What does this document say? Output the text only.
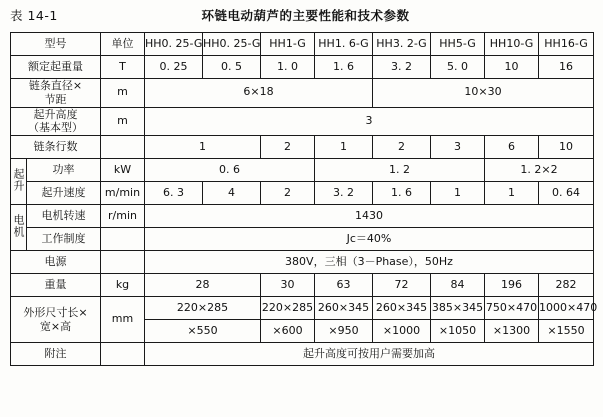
表 14-1	环链电动葫芦的主要性能和技术参数
型号		单位	HH0. 25-G	HH0. 25-G	HH1-G	HH1. 6-G	HH3. 2-G	HH5-G	HH10-G	HH16-G
额定起重量		T	0. 25	0. 5	1. 0	1. 6	3. 2	5. 0	10	16

链条直径×
节距		m	6×18				10×30			

起升高度
（基本型）		m	3							
链条行数			1		2	1	2	3	6	10
起升	功率	kW	0. 6			1. 2			1. 2×2	
	起升速度	m/min	6. 3	4	2	3. 2	1. 6	1	1	0. 64
电机	电机转速	r/min	1430							
	工作制度		Jc＝40%							
电源			380V，三相（3－Phase），50Hz							
重量		kg	28		30	63	72	84	196	282

外形尺寸长×
宽×高		mm	220×285		220×285	260×345	260×345	385×345	750×470	1000×470
			×550		×600	×950	×1000	×1050	×1300	×1550
附注			起升高度可按用户需要加高							
